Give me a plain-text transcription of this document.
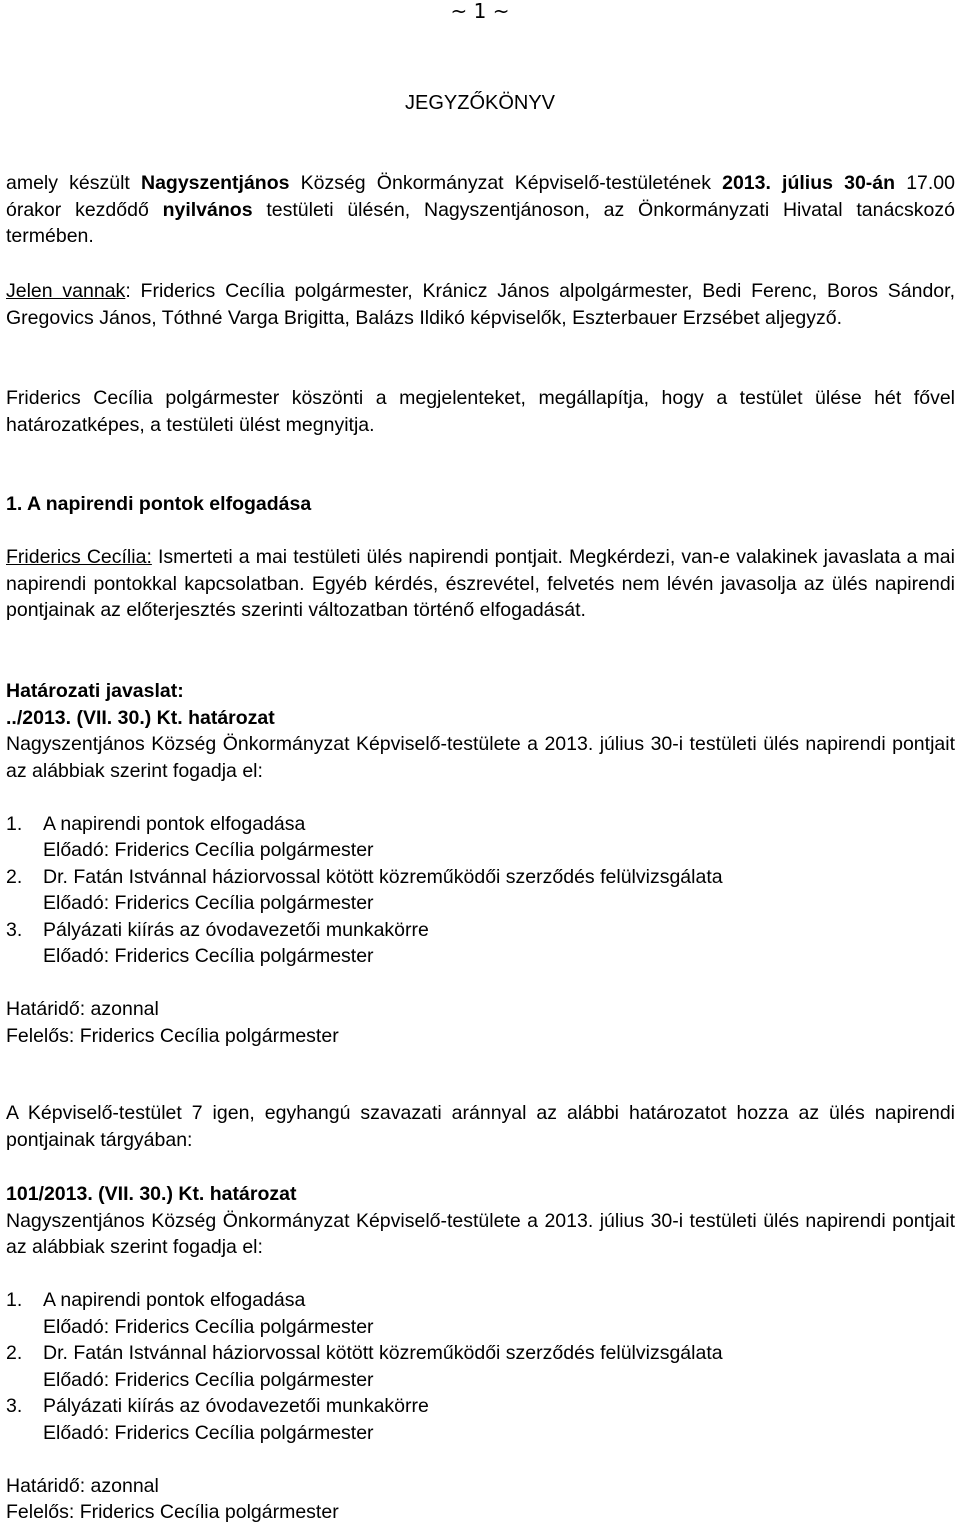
~ 1 ~
JEGYZŐKÖNYV
amely készült Nagyszentjános Község Önkormányzat Képviselő-testületének 2013. július 30-án 17.00 órakor kezdődő nyilvános testületi ülésén, Nagyszentjánoson, az Önkormányzati Hivatal tanácskozó termében.
Jelen vannak: Friderics Cecília polgármester, Kránicz János alpolgármester, Bedi Ferenc, Boros Sándor, Gregovics János, Tóthné Varga Brigitta, Balázs Ildikó képviselők, Eszterbauer Erzsébet aljegyző.
Friderics Cecília polgármester köszönti a megjelenteket, megállapítja, hogy a testület ülése hét fővel határozatképes, a testületi ülést megnyitja.
1. A napirendi pontok elfogadása
Friderics Cecília: Ismerteti a mai testületi ülés napirendi pontjait. Megkérdezi, van-e valakinek javaslata a mai napirendi pontokkal kapcsolatban. Egyéb kérdés, észrevétel, felvetés nem lévén javasolja az ülés napirendi pontjainak az előterjesztés szerinti változatban történő elfogadását.

Határozati javaslat:

../2013. (VII. 30.) Kt. határozat

Nagyszentjános Község Önkormányzat Képviselő-testülete a 2013. július 30-i testületi ülés napirendi pontjait az alábbiak szerint fogadja el:

1.	A napirendi pontok elfogadása

Előadó: Friderics Cecília polgármester

2.	Dr. Fatán Istvánnal háziorvossal kötött közreműködői szerződés felülvizsgálata

Előadó: Friderics Cecília polgármester

3.	Pályázati kiírás az óvodavezetői munkakörre

Előadó: Friderics Cecília polgármester

Határidő: azonnal

Felelős: Friderics Cecília polgármester

A Képviselő-testület 7 igen, egyhangú szavazati aránnyal az alábbi határozatot hozza az ülés napirendi pontjainak tárgyában:

101/2013. (VII. 30.) Kt. határozat

Nagyszentjános Község Önkormányzat Képviselő-testülete a 2013. július 30-i testületi ülés napirendi pontjait az alábbiak szerint fogadja el:

1.	A napirendi pontok elfogadása

Előadó: Friderics Cecília polgármester

2.	Dr. Fatán Istvánnal háziorvossal kötött közreműködői szerződés felülvizsgálata

Előadó: Friderics Cecília polgármester

3.	Pályázati kiírás az óvodavezetői munkakörre

Előadó: Friderics Cecília polgármester

Határidő: azonnal

Felelős: Friderics Cecília polgármester
